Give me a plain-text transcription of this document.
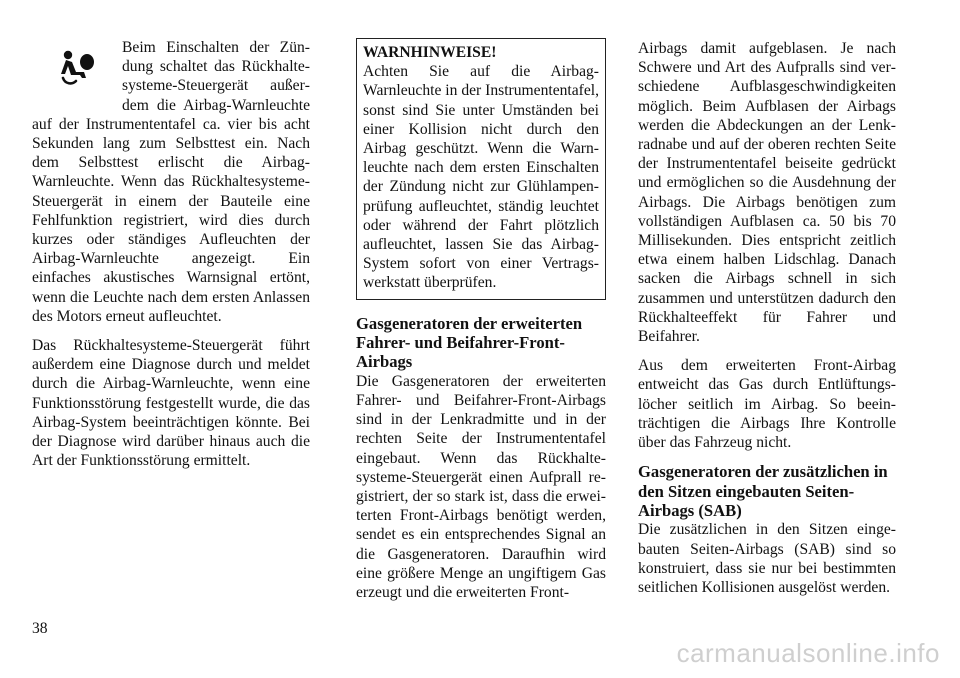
Beim Einschalten der Zündung schaltet das Rückhaltesysteme-Steuergerät außerdem die Airbag-Warnleuchte auf der Instrumententafel ca. vier bis acht Sekunden lang zum Selbsttest ein. Nach dem Selbsttest erlischt die Airbag-Warnleuchte. Wenn das Rückhaltesysteme-Steuergerät in einem der Bauteile eine Fehlfunktion registriert, wird dies durch kurzes oder ständiges Aufleuchten der Airbag-Warnleuchte angezeigt. Ein einfaches akustisches Warnsignal ertönt, wenn die Leuchte nach dem ersten Anlassen des Motors erneut aufleuchtet.

Das Rückhaltesysteme-Steuergerät führt außerdem eine Diagnose durch und meldet durch die Airbag-Warnleuchte, wenn eine Funktionsstörung festgestellt wurde, die das Airbag-System beeinträchtigen könnte. Bei der Diagnose wird darüber hinaus auch die Art der Funktionsstörung ermittelt.

WARNHINWEISE!
Achten Sie auf die Airbag-Warnleuchte in der Instrumententafel, sonst sind Sie unter Umständen bei einer Kollision nicht durch den Airbag geschützt. Wenn die Warnleuchte nach dem ersten Einschalten der Zündung nicht zur Glühlampenprüfung aufleuchtet, ständig leuchtet oder während der Fahrt plötzlich aufleuchtet, lassen Sie das Airbag-System sofort von einer Vertragswerkstatt überprüfen.
Gasgeneratoren der erweiterten Fahrer- und Beifahrer-Front-Airbags

Die Gasgeneratoren der erweiterten Fahrer- und Beifahrer-Front-Airbags sind in der Lenkradmitte und in der rechten Seite der Instrumententafel eingebaut. Wenn das Rückhaltesysteme-Steuergerät einen Aufprall registriert, der so stark ist, dass die erweiterten Front-Airbags benötigt werden, sendet es ein entsprechendes Signal an die Gasgeneratoren. Daraufhin wird eine größere Menge an ungiftigem Gas erzeugt und die erweiterten Front-

Airbags damit aufgeblasen. Je nach Schwere und Art des Aufpralls sind verschiedene Aufblasgeschwindigkeiten möglich. Beim Aufblasen der Airbags werden die Abdeckungen an der Lenkradnabe und auf der oberen rechten Seite der Instrumententafel beiseite gedrückt und ermöglichen so die Ausdehnung der Airbags. Die Airbags benötigen zum vollständigen Aufblasen ca. 50 bis 70 Millisekunden. Dies entspricht zeitlich etwa einem halben Lidschlag. Danach sacken die Airbags schnell in sich zusammen und unterstützen dadurch den Rückhalteeffekt für Fahrer und Beifahrer.

Aus dem erweiterten Front-Airbag entweicht das Gas durch Entlüftungslöcher seitlich im Airbag. So beeinträchtigen die Airbags Ihre Kontrolle über das Fahrzeug nicht.

Gasgeneratoren der zusätzlichen in den Sitzen eingebauten Seiten-Airbags (SAB)

Die zusätzlichen in den Sitzen eingebauten Seiten-Airbags (SAB) sind so konstruiert, dass sie nur bei bestimmten seitlichen Kollisionen ausgelöst werden.

38
carmanualsonline.info
